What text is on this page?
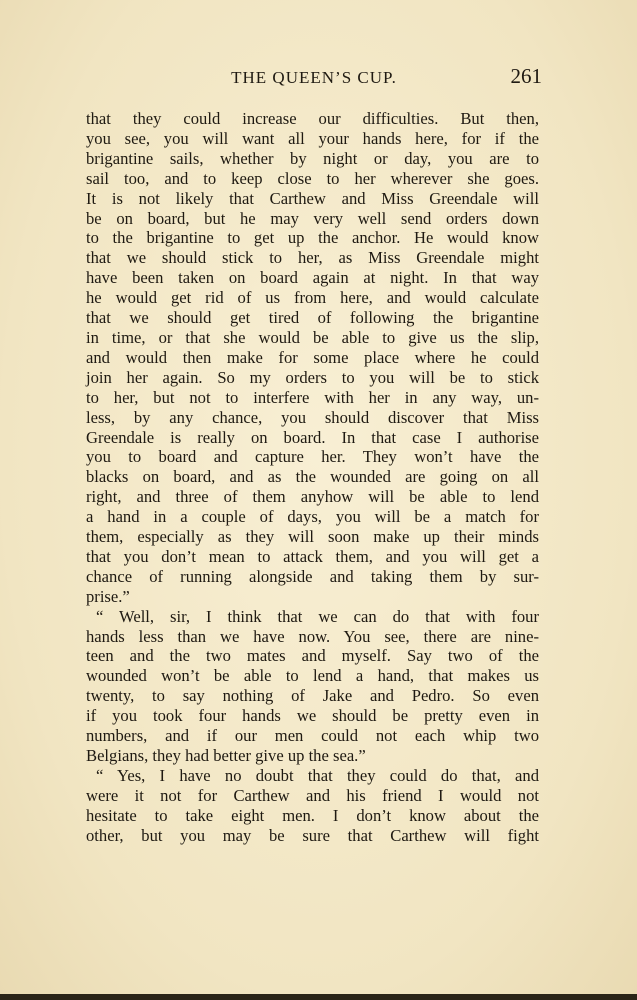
THE QUEEN’S CUP.	261

that they could increase our difficulties. But then,

you see, you will want all your hands here, for if the

brigantine sails, whether by night or day, you are to

sail too, and to keep close to her wherever she goes.

It is not likely that Carthew and Miss Greendale will

be on board, but he may very well send orders down

to the brigantine to get up the anchor. He would know

that we should stick to her, as Miss Greendale might

have been taken on board again at night. In that way

he would get rid of us from here, and would calculate

that we should get tired of following the brigantine

in time, or that she would be able to give us the slip,

and would then make for some place where he could

join her again. So my orders to you will be to stick

to her, but not to interfere with her in any way, un-

less, by any chance, you should discover that Miss

Greendale is really on board. In that case I authorise

you to board and capture her. They won’t have the

blacks on board, and as the wounded are going on all

right, and three of them anyhow will be able to lend

a hand in a couple of days, you will be a match for

them, especially as they will soon make up their minds

that you don’t mean to attack them, and you will get a

chance of running alongside and taking them by sur-

prise.”

“ Well, sir, I think that we can do that with four

hands less than we have now. You see, there are nine-

teen and the two mates and myself. Say two of the

wounded won’t be able to lend a hand, that makes us

twenty, to say nothing of Jake and Pedro. So even

if you took four hands we should be pretty even in

numbers, and if our men could not each whip two

Belgians, they had better give up the sea.”

“ Yes, I have no doubt that they could do that, and

were it not for Carthew and his friend I would not

hesitate to take eight men. I don’t know about the

other, but you may be sure that Carthew will fight
